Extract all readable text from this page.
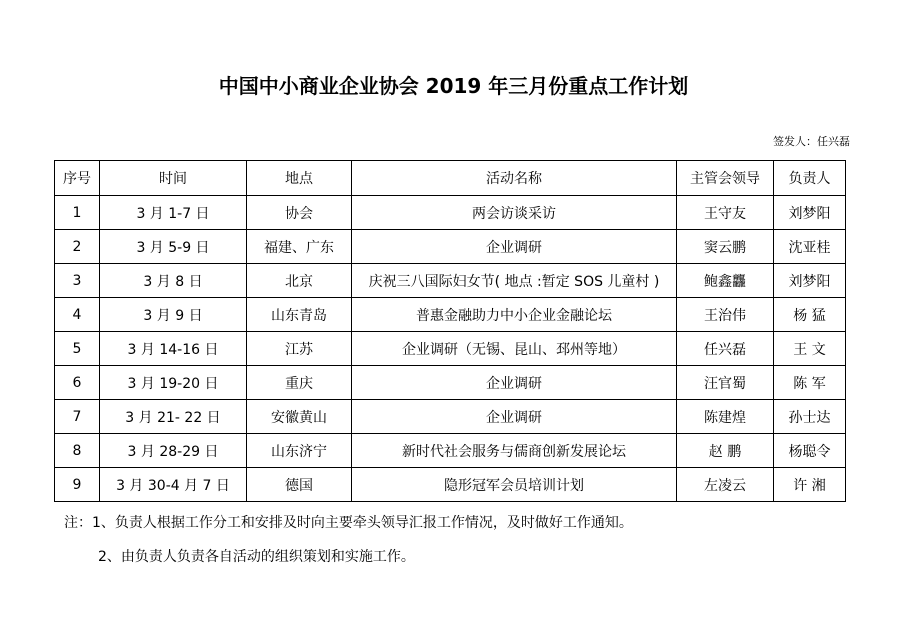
中国中小商业企业协会 2019 年三月份重点工作计划
签发人：任兴磊
序号	时间	地点	活动名称	主管会领导	负责人
1	3 月 1-7 日	协会	两会访谈采访	王守友	刘梦阳
2	3 月 5-9 日	福建、广东	企业调研	窦云鹏	沈亚桂
3	3 月 8 日	北京	庆祝三八国际妇女节( 地点 :暂定 SOS 儿童村 )	鲍鑫龘	刘梦阳
4	3 月 9 日	山东青岛	普惠金融助力中小企业金融论坛	王治伟	杨 猛
5	3 月 14-16 日	江苏	企业调研（无锡、昆山、邳州等地）	任兴磊	王 文
6	3 月 19-20 日	重庆	企业调研	汪官蜀	陈 军
7	3 月 21- 22 日	安徽黄山	企业调研	陈建煌	孙士达
8	3 月 28-29 日	山东济宁	新时代社会服务与儒商创新发展论坛	赵 鹏	杨聪令
9	3 月 30-4 月 7 日	德国	隐形冠军会员培训计划	左凌云	许 湘
注：1、负责人根据工作分工和安排及时向主要牵头领导汇报工作情况，及时做好工作通知。
2、由负责人负责各自活动的组织策划和实施工作。
